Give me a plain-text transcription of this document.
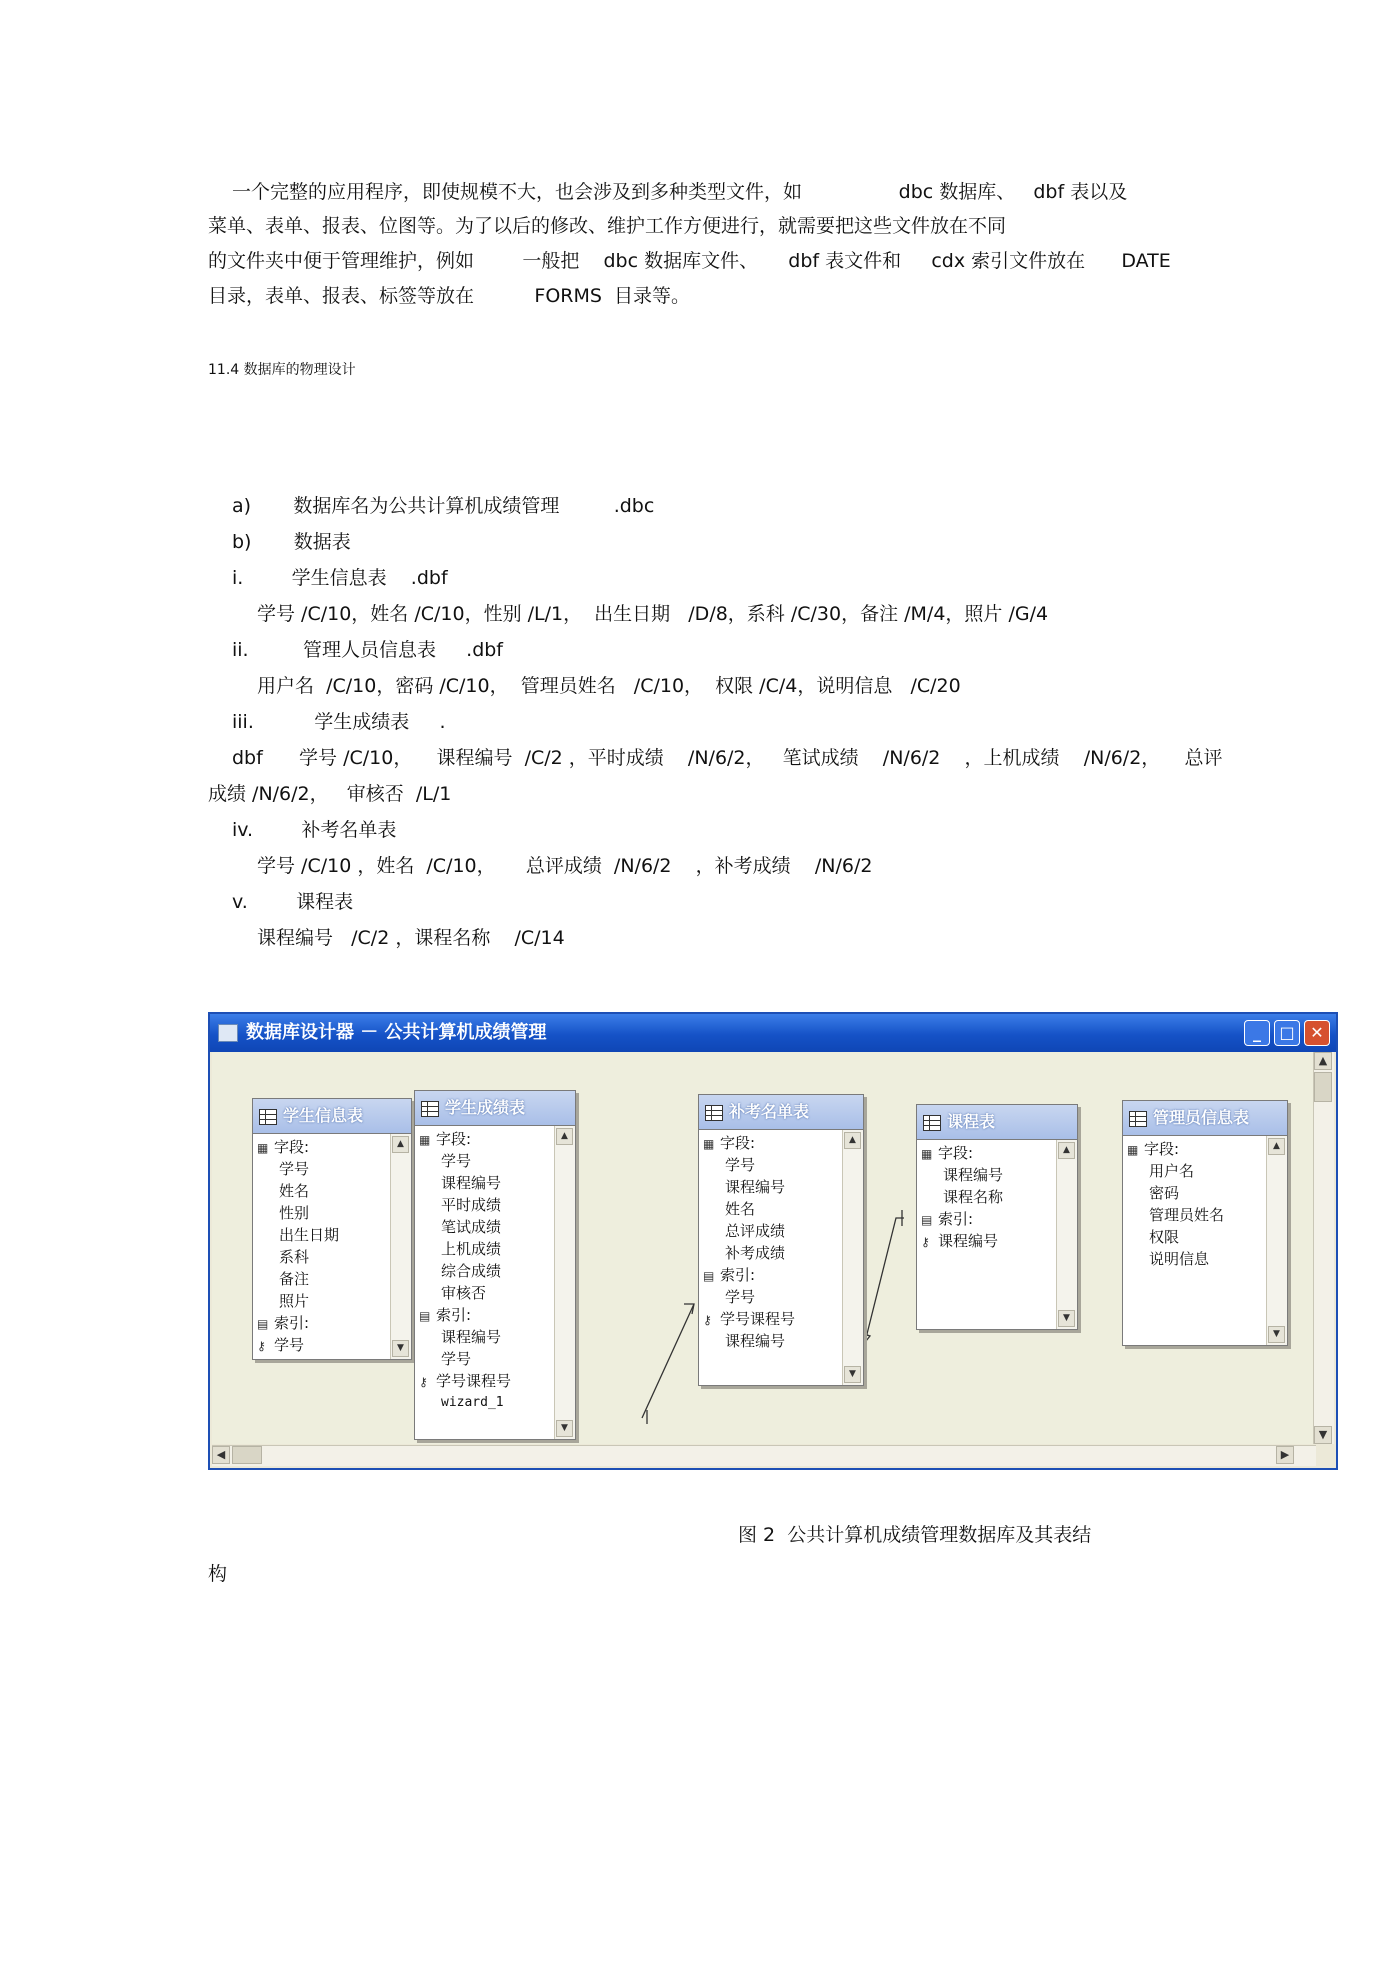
一个完整的应用程序，即使规模不大，也会涉及到多种类型文件，如                dbc 数据库、   dbf 表以及
菜单、表单、报表、位图等。为了以后的修改、维护工作方便进行，就需要把这些文件放在不同
的文件夹中便于管理维护，例如        一般把    dbc 数据库文件、     dbf 表文件和     cdx 索引文件放在      DATE
目录，表单、报表、标签等放在          FORMS  目录等。
11.4 数据库的物理设计
a)       数据库名为公共计算机成绩管理         .dbc
b)       数据表
i.        学生信息表    .dbf
学号 /C/10，姓名 /C/10，性别 /L/1，  出生日期   /D/8，系科 /C/30，备注 /M/4，照片 /G/4
ii.         管理人员信息表     .dbf
用户名  /C/10，密码 /C/10，  管理员姓名   /C/10，  权限 /C/4，说明信息   /C/20
iii.          学生成绩表     .
dbf      学号 /C/10，    课程编号  /C/2 ，平时成绩    /N/6/2，   笔试成绩    /N/6/2    ，上机成绩    /N/6/2，    总评
成绩 /N/6/2，   审核否  /L/1
iv.        补考名单表
学号 /C/10 ，姓名  /C/10，     总评成绩  /N/6/2    ，补考成绩    /N/6/2
v.        课程表
课程编号   /C/2 ，课程名称    /C/14
数据库设计器 － 公共计算机成绩管理	_	□ ✕
学生信息表
▦ 字段:
学号
姓名
性别
出生日期
系科
备注
照片
▤ 索引:
⚷ 学号
▲
▼
学生成绩表
▦ 字段:
学号
课程编号
平时成绩
笔试成绩
上机成绩
综合成绩
审核否
▤ 索引:
课程编号
学号
⚷ 学号课程号
wizard_1
▲
▼
补考名单表
▦ 字段:
学号
课程编号
姓名
总评成绩
补考成绩
▤ 索引:
学号
⚷ 学号课程号
课程编号
▲
▼
课程表
▦ 字段:
课程编号
课程名称
▤ 索引:
⚷ 课程编号
▲
▼
管理员信息表
▦ 字段:
用户名
密码
管理员姓名
权限
说明信息
▲
▼
▲
▼
◀	▶
图 2  公共计算机成绩管理数据库及其表结
构
